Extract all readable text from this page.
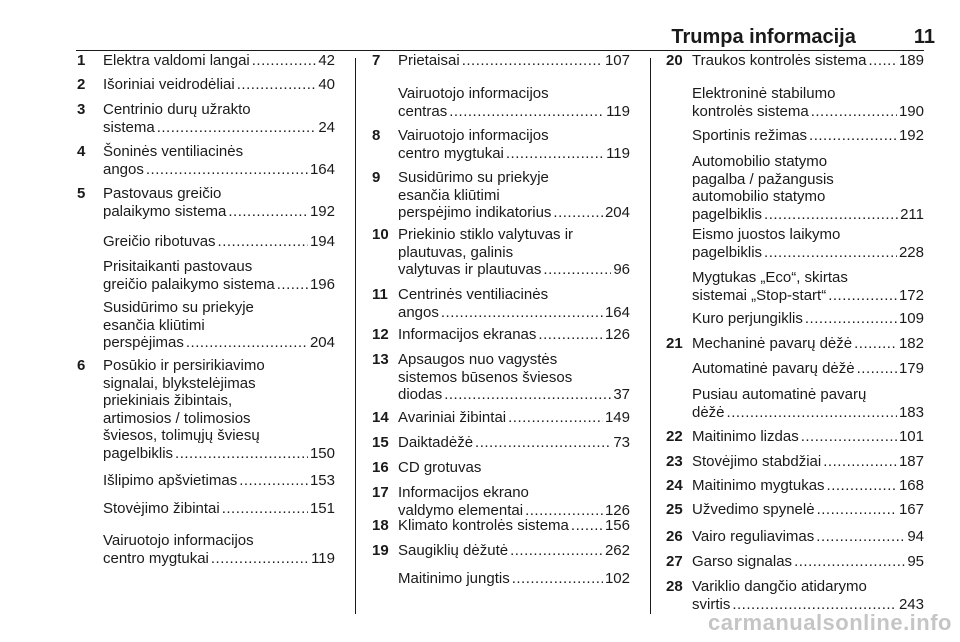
Trumpa informacija	11
1	Elektra valdomi langai .....	42
2	Išoriniai veidrodėliai .....	40
3	Centrinio durų užrakto
sistema .....	24
4	Šoninės ventiliacinės
angos .....	164
5	Pastovaus greičio
palaikymo sistema .....	192
Greičio ribotuvas .....	194
Prisitaikanti pastovaus
greičio palaikymo sistema ..... 196
Susidūrimo su priekyje
esančia kliūtimi
perspėjimas .....	204
6	Posūkio ir persirikiavimo
signalai, blykstelėjimas
priekiniais žibintais,
artimosios / tolimosios
šviesos, tolimųjų šviesų
pagelbiklis .....	150
Išlipimo apšvietimas .....	153
Stovėjimo žibintai .....	151
Vairuotojo informacijos
centro mygtukai .....	119
7	Prietaisai .....	107
Vairuotojo informacijos
centras .....	119
8	Vairuotojo informacijos
centro mygtukai .....	119
9	Susidūrimo su priekyje
esančia kliūtimi
perspėjimo indikatorius .....	204
10 Priekinio stiklo valytuvas ir
plautuvas, galinis
valytuvas ir plautuvas .....	96
11 Centrinės ventiliacinės
angos .....	164
12 Informacijos ekranas .....	126
13 Apsaugos nuo vagystės
sistemos būsenos šviesos
diodas .....	37
14 Avariniai žibintai .....	149
15 Daiktadėžė .....	73
16 CD grotuvas
17 Informacijos ekrano
valdymo elementai .....	126
18 Klimato kontrolės sistema ..... 156
19 Saugiklių dėžutė .....	262
Maitinimo jungtis .....	102
20 Traukos kontrolės sistema ..... 189
Elektroninė stabilumo
kontrolės sistema .....	190
Sportinis režimas .....	192
Automobilio statymo
pagalba / pažangusis
automobilio statymo
pagelbiklis .....	211
Eismo juostos laikymo
pagelbiklis .....	228
Mygtukas „Eco“, skirtas
sistemai „Stop-start“ .....	172
Kuro perjungiklis .....	109
21 Mechaninė pavarų dėžė .....	182
Automatinė pavarų dėžė .....	179
Pusiau automatinė pavarų
dėžė .....	183
22 Maitinimo lizdas .....	101
23 Stovėjimo stabdžiai .....	187
24 Maitinimo mygtukas .....	168
25 Užvedimo spynelė .....	167
26 Vairo reguliavimas .....	94
27 Garso signalas .....	95
28 Variklio dangčio atidarymo
svirtis .....	243
carmanualsonline.info
